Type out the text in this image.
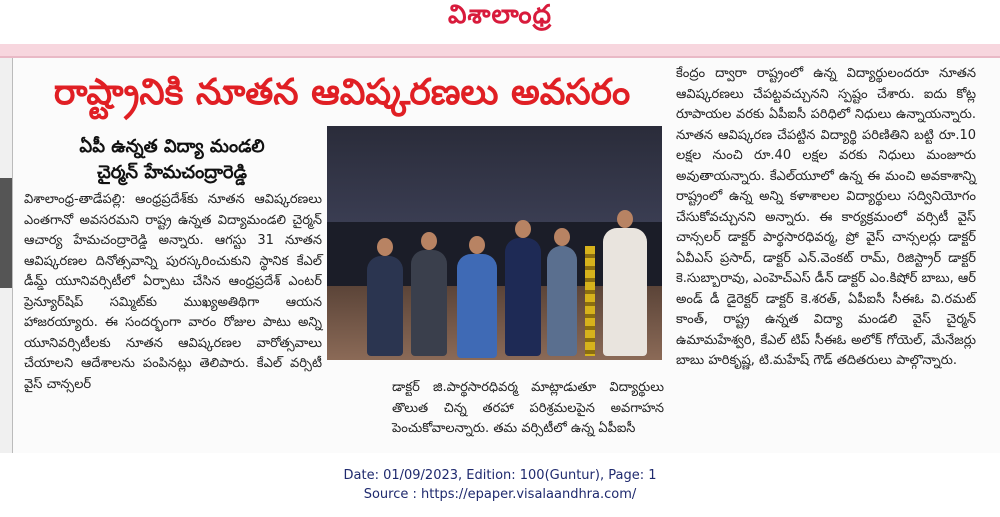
విశాలాంధ్ర
రాష్ట్రానికి నూతన ఆవిష్కరణలు అవసరం
ఏపీ ఉన్నత విద్యా మండలి
చైర్మన్ హేమచంద్రారెడ్డి

విశాలాంధ్ర-తాడేపల్లి: ఆంధ్రప్రదేశ్‌కు నూతన ఆవిష్కరణలు ఎంతగానో అవసరమని రాష్ట్ర ఉన్నత విద్యామండలి చైర్మన్ ఆచార్య హేమచంద్రారెడ్డి అన్నారు. ఆగస్టు 31 నూతన ఆవిష్కరణల దినోత్సవాన్ని పురస్కరించుకుని స్థానిక కేఎల్ డీమ్డ్ యూనివర్సిటీలో ఏర్పాటు చేసిన ఆంధ్రప్రదేశ్ ఎంటర్ ప్రెన్యూర్‌షిప్ సమ్మిట్‌కు ముఖ్యఅతిథిగా ఆయన హాజరయ్యారు. ఈ సందర్భంగా వారం రోజుల పాటు అన్ని యూనివర్సిటీలకు నూతన ఆవిష్కరణల వారోత్సవాలు చేయాలని ఆదేశాలను పంపినట్లు తెలిపారు. కేఎల్ వర్సిటీ వైస్ చాన్సలర్	డాక్టర్ జి.పార్థసారధివర్మ మాట్లాడుతూ విద్యార్థులు తొలుత చిన్న తరహా పరిశ్రమలపైన అవగాహన పెంచుకోవాలన్నారు. తమ వర్సిటీలో ఉన్న ఏపీఐసీ

కేంద్రం ద్వారా రాష్ట్రంలో ఉన్న విద్యార్థులందరూ నూతన ఆవిష్కరణలు చేపట్టవచ్చునని స్పష్టం చేశారు. ఐదు కోట్ల రూపాయల వరకు ఏపీఐసీ పరిధిలో నిధులు ఉన్నాయన్నారు. నూతన ఆవిష్కరణ చేపట్టిన విద్యార్థి పరిణితిని బట్టి రూ.10 లక్షల నుంచి రూ.40 లక్షల వరకు నిధులు మంజూరు అవుతాయన్నారు. కేఎల్‌యూలో ఉన్న ఈ మంచి అవకాశాన్ని రాష్ట్రంలో ఉన్న అన్ని కళాశాలల విద్యార్థులు సద్వినియోగం చేసుకోవచ్చునని అన్నారు. ఈ కార్యక్రమంలో వర్సిటీ వైస్ చాన్సలర్ డాక్టర్ పార్థసారధివర్మ, ప్రో వైస్ చాన్సలర్లు డాక్టర్ ఏవీఎస్ ప్రసాద్, డాక్టర్ ఎన్.వెంకట్ రామ్, రిజిస్ట్రార్ డాక్టర్ కె.సుబ్బారావు, ఎంహెచ్ఎస్ డీన్ డాక్టర్ ఎం.కిషోర్ బాబు, ఆర్ అండ్ డీ డైరెక్టర్ డాక్టర్ కె.శరత్, ఏపీఐసీ సీఈఓ వి.రమట్ కాంత్, రాష్ట్ర ఉన్నత విద్యా మండలి వైస్ చైర్మన్ ఉమామహేశ్వరి, కేఎల్ టిప్ సీఈఓ అలోక్ గోయెల్, మేనేజర్లు బాబు హరికృష్ణ, టి.మహేష్ గౌడ్ తదితరులు పాల్గొన్నారు.

Date: 01/09/2023, Edition: 100(Guntur), Page: 1
Source : https://epaper.visalaandhra.com/
